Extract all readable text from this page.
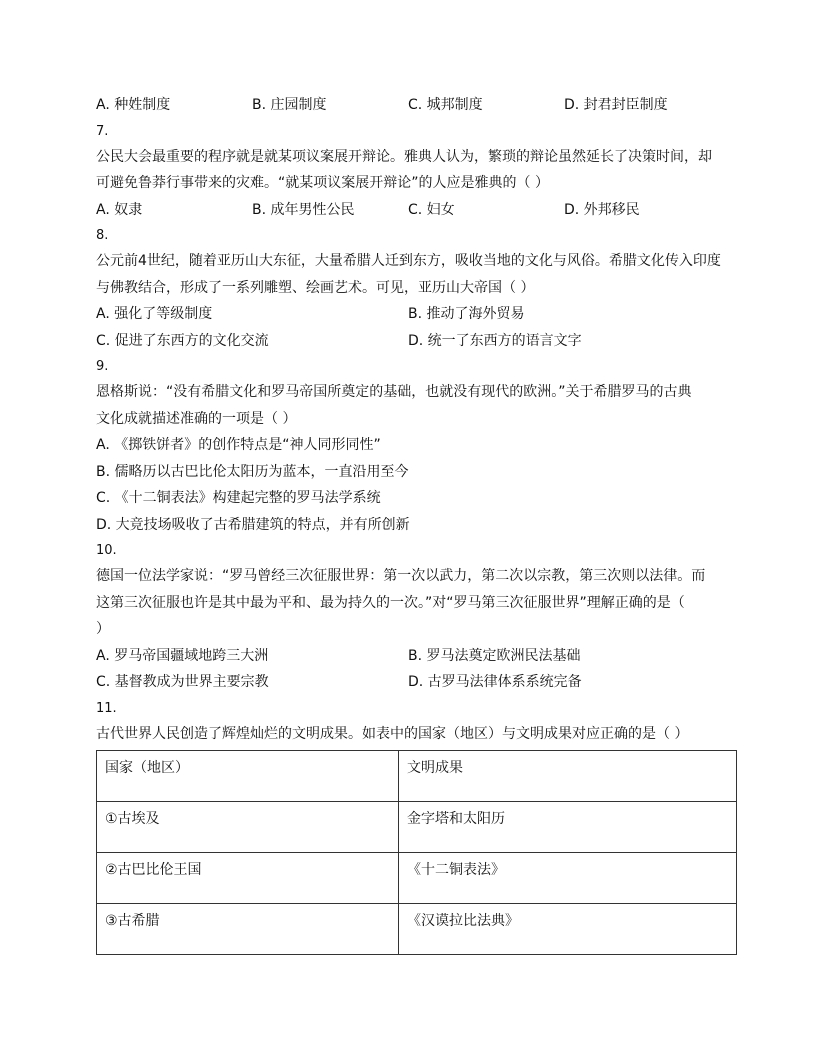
A. 种姓制度	B. 庄园制度	C. 城邦制度	D. 封君封臣制度
7.
公民大会最重要的程序就是就某项议案展开辩论。雅典人认为，繁琐的辩论虽然延长了决策时间，却
可避免鲁莽行事带来的灾难。“就某项议案展开辩论”的人应是雅典的（ ）
A. 奴隶	B. 成年男性公民	C. 妇女	D. 外邦移民
8.
公元前4世纪，随着亚历山大东征，大量希腊人迁到东方，吸收当地的文化与风俗。希腊文化传入印度
与佛教结合，形成了一系列雕塑、绘画艺术。可见，亚历山大帝国（ ）
A. 强化了等级制度	B. 推动了海外贸易
C. 促进了东西方的文化交流	D. 统一了东西方的语言文字
9.
恩格斯说：“没有希腊文化和罗马帝国所奠定的基础，也就没有现代的欧洲。”关于希腊罗马的古典
文化成就描述准确的一项是（ ）
A. 《掷铁饼者》的创作特点是“神人同形同性”
B. 儒略历以古巴比伦太阳历为蓝本，一直沿用至今
C. 《十二铜表法》构建起完整的罗马法学系统
D. 大竞技场吸收了古希腊建筑的特点，并有所创新
10.
德国一位法学家说：“罗马曾经三次征服世界：第一次以武力，第二次以宗教，第三次则以法律。而
这第三次征服也许是其中最为平和、最为持久的一次。”对“罗马第三次征服世界”理解正确的是（
）
A. 罗马帝国疆域地跨三大洲	B. 罗马法奠定欧洲民法基础
C. 基督教成为世界主要宗教	D. 古罗马法律体系系统完备
11.
古代世界人民创造了辉煌灿烂的文明成果。如表中的国家（地区）与文明成果对应正确的是（ ）
国家（地区）	文明成果
①古埃及	金字塔和太阳历
②古巴比伦王国	《十二铜表法》
③古希腊	《汉谟拉比法典》
